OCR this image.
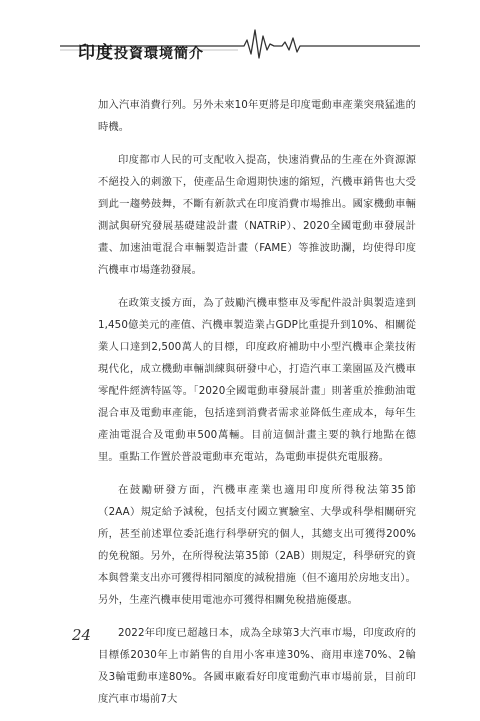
印度投資環境簡介

加入汽車消費行列。另外未來10年更將是印度電動車產業突飛猛進的時機。

印度都市人民的可支配收入提高，快速消費品的生產在外資源源不絕投入的刺激下，使產品生命週期快速的縮短，汽機車銷售也大受到此一趨勢鼓舞，不斷有新款式在印度消費市場推出。國家機動車輛測試與研究發展基礎建設計畫（NATRiP）、2020全國電動車發展計畫、加速油電混合車輛製造計畫（FAME）等推波助瀾，均使得印度汽機車市場蓬勃發展。

在政策支援方面，為了鼓勵汽機車整車及零配件設計與製造達到1,450億美元的產值、汽機車製造業占GDP比重提升到10%、相關從業人口達到2,500萬人的目標，印度政府補助中小型汽機車企業技術現代化，成立機動車輛訓練與研發中心，打造汽車工業園區及汽機車零配件經濟特區等。「2020全國電動車發展計畫」則著重於推動油電混合車及電動車產能，包括達到消費者需求並降低生產成本，每年生產油電混合及電動車500萬輛。目前這個計畫主要的執行地點在德里。重點工作置於普設電動車充電站，為電動車提供充電服務。

在鼓勵研發方面，汽機車產業也適用印度所得稅法第35節（2AA）規定給予減稅，包括支付國立實驗室、大學或科學相關研究所，甚至前述單位委託進行科學研究的個人，其總支出可獲得200%的免稅額。另外，在所得稅法第35節（2AB）則規定，科學研究的資本與營業支出亦可獲得相同額度的減稅措施（但不適用於房地支出）。另外，生產汽機車使用電池亦可獲得相關免稅措施優惠。

2022年印度已超越日本，成為全球第3大汽車市場，印度政府的目標係2030年上市銷售的自用小客車達30%、商用車達70%、2輪及3輪電動車達80%。各國車廠看好印度電動汽車市場前景，目前印度汽車市場前7大

24
